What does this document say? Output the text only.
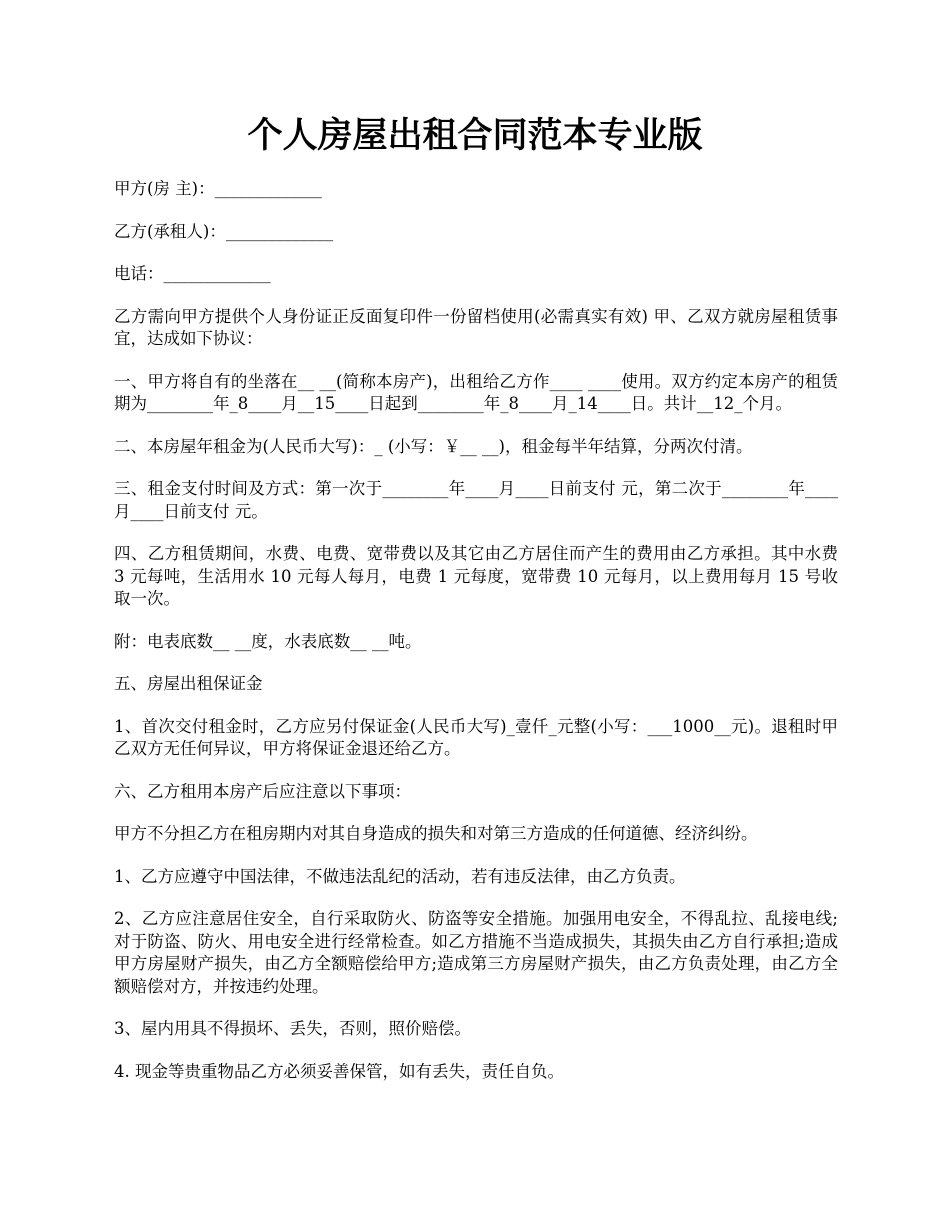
个人房屋出租合同范本专业版

甲方(房 主)：_____________

乙方(承租人)：_____________

电话：_____________

乙方需向甲方提供个人身份证正反面复印件一份留档使用(必需真实有效) 甲、乙双方就房屋租赁事宜，达成如下协议：

一、甲方将自有的坐落在__ __(简称本房产)，出租给乙方作____ ____使用。双方约定本房产的租赁期为________年_8____月__15____日起到________年_8____月_14____日。共计__12_个月。

二、本房屋年租金为(人民币大写)：_ (小写：￥__ __)，租金每半年结算，分两次付清。

三、租金支付时间及方式：第一次于________年____月____日前支付 元，第二次于________年____月____日前支付 元。

四、乙方租赁期间，水费、电费、宽带费以及其它由乙方居住而产生的费用由乙方承担。其中水费 3 元每吨，生活用水 10 元每人每月，电费 1 元每度，宽带费 10 元每月，以上费用每月 15 号收取一次。

附：电表底数__ __度，水表底数__ __吨。

五、房屋出租保证金

1、首次交付租金时，乙方应另付保证金(人民币大写)_壹仟_元整(小写：___1000__元)。退租时甲乙双方无任何异议，甲方将保证金退还给乙方。

六、乙方租用本房产后应注意以下事项：

甲方不分担乙方在租房期内对其自身造成的损失和对第三方造成的任何道德、经济纠纷。

1、乙方应遵守中国法律，不做违法乱纪的活动，若有违反法律，由乙方负责。

2、乙方应注意居住安全，自行采取防火、防盗等安全措施。加强用电安全，不得乱拉、乱接电线;对于防盗、防火、用电安全进行经常检查。如乙方措施不当造成损失，其损失由乙方自行承担;造成甲方房屋财产损失，由乙方全额赔偿给甲方;造成第三方房屋财产损失，由乙方负责处理，由乙方全额赔偿对方，并按违约处理。

3、屋内用具不得损坏、丢失，否则，照价赔偿。

4. 现金等贵重物品乙方必须妥善保管，如有丢失，责任自负。
